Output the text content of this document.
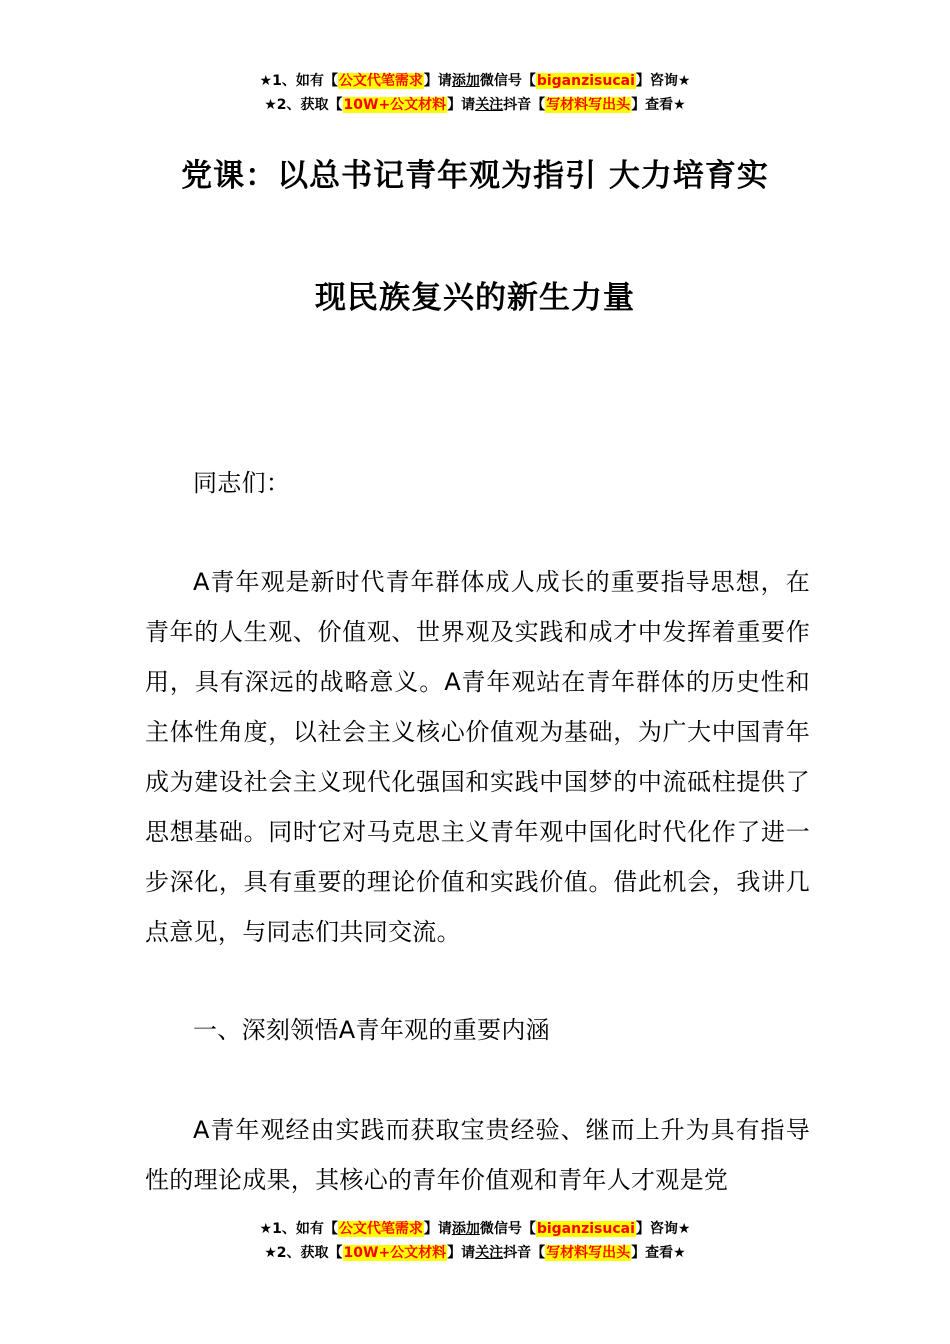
★1、如有【公文代笔需求】请添加微信号【biganzisucai】咨询★
★2、获取【10W+公文材料】请关注抖音【写材料写出头】查看★
党课：以总书记青年观为指引 大力培育实
现民族复兴的新生力量
同志们：
A青年观是新时代青年群体成人成长的重要指导思想，在青年的人生观、价值观、世界观及实践和成才中发挥着重要作用，具有深远的战略意义。A青年观站在青年群体的历史性和主体性角度，以社会主义核心价值观为基础，为广大中国青年成为建设社会主义现代化强国和实践中国梦的中流砥柱提供了思想基础。同时它对马克思主义青年观中国化时代化作了进一步深化，具有重要的理论价值和实践价值。借此机会，我讲几点意见，与同志们共同交流。
一、深刻领悟A青年观的重要内涵
A青年观经由实践而获取宝贵经验、继而上升为具有指导性的理论成果，其核心的青年价值观和青年人才观是党
★1、如有【公文代笔需求】请添加微信号【biganzisucai】咨询★
★2、获取【10W+公文材料】请关注抖音【写材料写出头】查看★
